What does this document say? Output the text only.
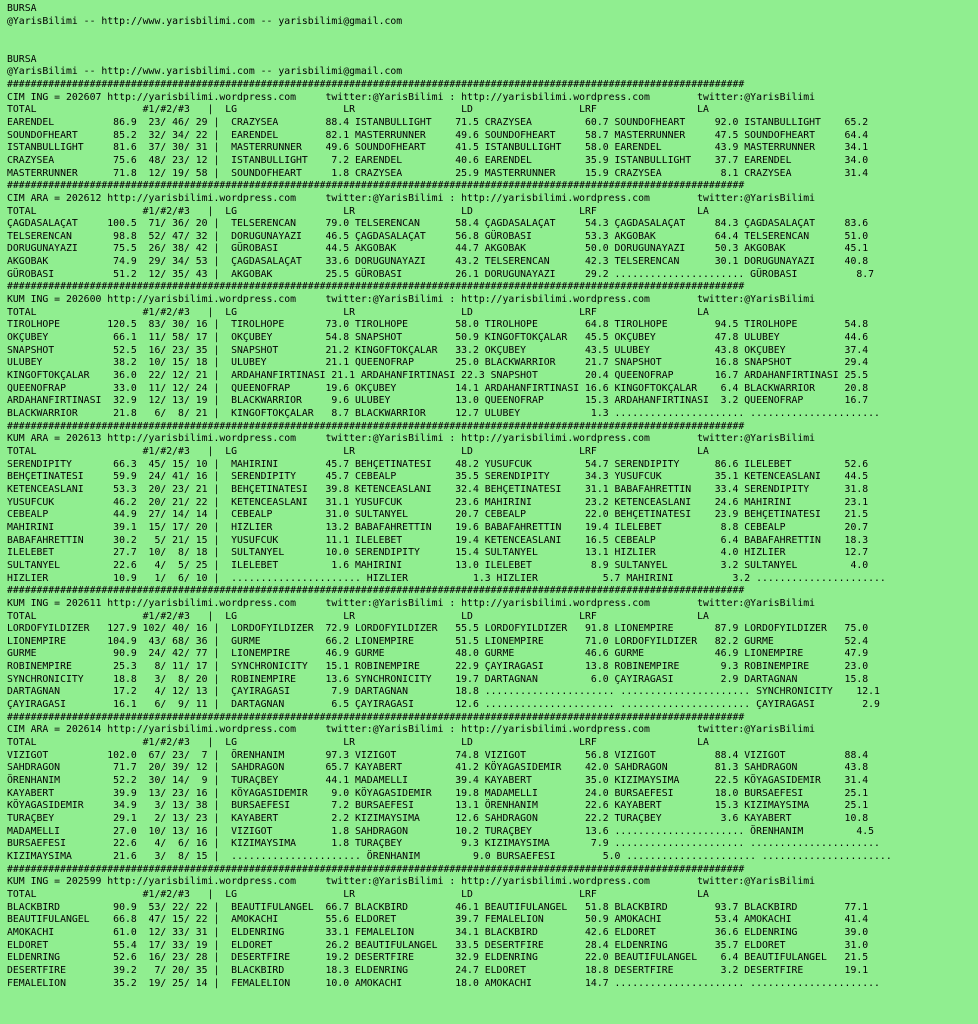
BURSA
@YarisBilimi -- http://www.yarisbilimi.com -- yarisbilimi@gmail.com

BURSA
@YarisBilimi -- http://www.yarisbilimi.com -- yarisbilimi@gmail.com

#############################################################################################################################
CIM ING = 202607 http://yarisbilimi.wordpress.com     twitter:@YarisBilimi : http://yarisbilimi.wordpress.com        twitter:@YarisBilimi
TOTAL                  #1/#2/#3   |  LG                  LR                  LD                  LRF                 LA
EARENDEL          86.9  23/ 46/ 29 |  CRAZYSEA        88.4 ISTANBULLIGHT    71.5 CRAZYSEA         60.7 SOUNDOFHEART     92.0 ISTANBULLIGHT    65.2
SOUNDOFHEART      85.2  32/ 34/ 22 |  EARENDEL        82.1 MASTERRUNNER     49.6 SOUNDOFHEART     58.7 MASTERRUNNER     47.5 SOUNDOFHEART     64.4
ISTANBULLIGHT     81.6  37/ 30/ 31 |  MASTERRUNNER    49.6 SOUNDOFHEART     41.5 ISTANBULLIGHT    58.0 EARENDEL         43.9 MASTERRUNNER     34.1
CRAZYSEA          75.6  48/ 23/ 12 |  ISTANBULLIGHT    7.2 EARENDEL         40.6 EARENDEL         35.9 ISTANBULLIGHT    37.7 EARENDEL         34.0
MASTERRUNNER      71.8  12/ 19/ 58 |  SOUNDOFHEART     1.8 CRAZYSEA         25.9 MASTERRUNNER     15.9 CRAZYSEA          8.1 CRAZYSEA         31.4
#############################################################################################################################
CIM ARA = 202612 http://yarisbilimi.wordpress.com     twitter:@YarisBilimi : http://yarisbilimi.wordpress.com        twitter:@YarisBilimi
TOTAL                  #1/#2/#3   |  LG                  LR                  LD                  LRF                 LA
ÇAGDASALAÇAT     100.5  71/ 36/ 20 |  TELSERENCAN     79.0 TELSERENCAN      58.4 ÇAGDASALAÇAT     54.3 ÇAGDASALAÇAT     84.3 ÇAGDASALAÇAT     83.6
TELSERENCAN       98.8  52/ 47/ 32 |  DORUGUNAYAZI    46.5 ÇAGDASALAÇAT     56.8 GÜROBASI         53.3 AKGOBAK          64.4 TELSERENCAN      51.0
DORUGUNAYAZI      75.5  26/ 38/ 42 |  GÜROBASI        44.5 AKGOBAK          44.7 AKGOBAK          50.0 DORUGUNAYAZI     50.3 AKGOBAK          45.1
AKGOBAK           74.9  29/ 34/ 53 |  ÇAGDASALAÇAT    33.6 DORUGUNAYAZI     43.2 TELSERENCAN      42.3 TELSERENCAN      30.1 DORUGUNAYAZI     40.8
GÜROBASI          51.2  12/ 35/ 43 |  AKGOBAK         25.5 GÜROBASI         26.1 DORUGUNAYAZI     29.2 ...................... GÜROBASI          8.7
#############################################################################################################################
KUM ING = 202600 http://yarisbilimi.wordpress.com     twitter:@YarisBilimi : http://yarisbilimi.wordpress.com        twitter:@YarisBilimi
TOTAL                  #1/#2/#3   |  LG                  LR                  LD                  LRF                 LA
TIROLHOPE        120.5  83/ 30/ 16 |  TIROLHOPE       73.0 TIROLHOPE        58.0 TIROLHOPE        64.8 TIROLHOPE        94.5 TIROLHOPE        54.8
OKÇUBEY           66.1  11/ 58/ 17 |  OKÇUBEY         54.8 SNAPSHOT         50.9 KINGOFTOKÇALAR   45.5 OKÇUBEY          47.8 ULUBEY           44.6
SNAPSHOT          52.5  16/ 23/ 35 |  SNAPSHOT        21.2 KINGOFTOKÇALAR   33.2 OKÇUBEY          43.5 ULUBEY           43.8 OKÇUBEY          37.4
ULUBEY            38.2  10/ 15/ 18 |  ULUBEY          21.1 QUEENOFRAP       25.0 BLACKWARRIOR     21.7 SNAPSHOT         16.8 SNAPSHOT         29.4
KINGOFTOKÇALAR    36.0  22/ 12/ 21 |  ARDAHANFIRTINASI 21.1 ARDAHANFIRTINASI 22.3 SNAPSHOT        20.4 QUEENOFRAP       16.7 ARDAHANFIRTINASI 25.5
QUEENOFRAP        33.0  11/ 12/ 24 |  QUEENOFRAP      19.6 OKÇUBEY          14.1 ARDAHANFIRTINASI 16.6 KINGOFTOKÇALAR    6.4 BLACKWARRIOR     20.8
ARDAHANFIRTINASI  32.9  12/ 13/ 19 |  BLACKWARRIOR     9.6 ULUBEY           13.0 QUEENOFRAP       15.3 ARDAHANFIRTINASI  3.2 QUEENOFRAP       16.7
BLACKWARRIOR      21.8   6/  8/ 21 |  KINGOFTOKÇALAR   8.7 BLACKWARRIOR     12.7 ULUBEY            1.3 ...................... ......................
#############################################################################################################################
KUM ARA = 202613 http://yarisbilimi.wordpress.com     twitter:@YarisBilimi : http://yarisbilimi.wordpress.com        twitter:@YarisBilimi
TOTAL                  #1/#2/#3   |  LG                  LR                  LD                  LRF                 LA
SERENDIPITY       66.3  45/ 15/ 10 |  MAHIRINI        45.7 BEHÇETINATESI    48.2 YUSUFCUK         54.7 SERENDIPITY      86.6 ILELEBET         52.6
BEHÇETINATESI     59.9  24/ 41/ 16 |  SERENDIPITY     45.7 CEBEALP          35.5 SERENDIPITY      34.3 YUSUFCUK         35.1 KETENCEASLANI    44.5
KETENCEASLANI     53.3  20/ 23/ 21 |  BEHÇETINATESI   39.8 KETENCEASLANI    32.4 BEHÇETINATESI    31.1 BABAFAHRETTIN    33.4 SERENDIPITY      31.8
YUSUFCUK          46.2  20/ 21/ 22 |  KETENCEASLANI   31.1 YUSUFCUK         23.6 MAHIRINI         23.2 KETENCEASLANI    24.6 MAHIRINI         23.1
CEBEALP           44.9  27/ 14/ 14 |  CEBEALP         31.0 SULTANYEL        20.7 CEBEALP          22.0 BEHÇETINATESI    23.9 BEHÇETINATESI    21.5
MAHIRINI          39.1  15/ 17/ 20 |  HIZLIER         13.2 BABAFAHRETTIN    19.6 BABAFAHRETTIN    19.4 ILELEBET          8.8 CEBEALP          20.7
BABAFAHRETTIN     30.2   5/ 21/ 15 |  YUSUFCUK        11.1 ILELEBET         19.4 KETENCEASLANI    16.5 CEBEALP           6.4 BABAFAHRETTIN    18.3
ILELEBET          27.7  10/  8/ 18 |  SULTANYEL       10.0 SERENDIPITY      15.4 SULTANYEL        13.1 HIZLIER           4.0 HIZLIER          12.7
SULTANYEL         22.6   4/  5/ 25 |  ILELEBET         1.6 MAHIRINI         13.0 ILELEBET          8.9 SULTANYEL         3.2 SULTANYEL         4.0
HIZLIER           10.9   1/  6/ 10 |  ...................... HIZLIER           1.3 HIZLIER           5.7 MAHIRINI          3.2 ......................
#############################################################################################################################
KUM ING = 202611 http://yarisbilimi.wordpress.com     twitter:@YarisBilimi : http://yarisbilimi.wordpress.com        twitter:@YarisBilimi
TOTAL                  #1/#2/#3   |  LG                  LR                  LD                  LRF                 LA
LORDOFYILDIZER   127.9 102/ 40/ 16 |  LORDOFYILDIZER  72.9 LORDOFYILDIZER   55.5 LORDOFYILDIZER   91.8 LIONEMPIRE       87.9 LORDOFYILDIZER   75.0
LIONEMPIRE       104.9  43/ 68/ 36 |  GURME           66.2 LIONEMPIRE       51.5 LIONEMPIRE       71.0 LORDOFYILDIZER   82.2 GURME            52.4
GURME             90.9  24/ 42/ 77 |  LIONEMPIRE      46.9 GURME            48.0 GURME            46.6 GURME            46.9 LIONEMPIRE       47.9
ROBINEMPIRE       25.3   8/ 11/ 17 |  SYNCHRONICITY   15.1 ROBINEMPIRE      22.9 ÇAYIRAGASI       13.8 ROBINEMPIRE       9.3 ROBINEMPIRE      23.0
SYNCHRONICITY     18.8   3/  8/ 20 |  ROBINEMPIRE     13.6 SYNCHRONICITY    19.7 DARTAGNAN         6.0 ÇAYIRAGASI        2.9 DARTAGNAN        15.8
DARTAGNAN         17.2   4/ 12/ 13 |  ÇAYIRAGASI       7.9 DARTAGNAN        18.8 ...................... ...................... SYNCHRONICITY    12.1
ÇAYIRAGASI        16.1   6/  9/ 11 |  DARTAGNAN        6.5 ÇAYIRAGASI       12.6 ...................... ...................... ÇAYIRAGASI        2.9
#############################################################################################################################
CIM ARA = 202614 http://yarisbilimi.wordpress.com     twitter:@YarisBilimi : http://yarisbilimi.wordpress.com        twitter:@YarisBilimi
TOTAL                  #1/#2/#3   |  LG                  LR                  LD                  LRF                 LA
VIZIGOT          102.0  67/ 23/  7 |  ÖRENHANIM       97.3 VIZIGOT          74.8 VIZIGOT          56.8 VIZIGOT          88.4 VIZIGOT          88.4
SAHDRAGON         71.7  20/ 39/ 12 |  SAHDRAGON       65.7 KAYABERT         41.2 KÖYAGASIDEMIR    42.0 SAHDRAGON        81.3 SAHDRAGON        43.8
ÖRENHANIM         52.2  30/ 14/  9 |  TURAÇBEY        44.1 MADAMELLI        39.4 KAYABERT         35.0 KIZIMAYSIMA      22.5 KÖYAGASIDEMIR    31.4
KAYABERT          39.9  13/ 23/ 16 |  KÖYAGASIDEMIR    9.0 KÖYAGASIDEMIR    19.8 MADAMELLI        24.0 BURSAEFESI       18.0 BURSAEFESI       25.1
KÖYAGASIDEMIR     34.9   3/ 13/ 38 |  BURSAEFESI       7.2 BURSAEFESI       13.1 ÖRENHANIM        22.6 KAYABERT         15.3 KIZIMAYSIMA      25.1
TURAÇBEY          29.1   2/ 13/ 23 |  KAYABERT         2.2 KIZIMAYSIMA      12.6 SAHDRAGON        22.2 TURAÇBEY          3.6 KAYABERT         10.8
MADAMELLI         27.0  10/ 13/ 16 |  VIZIGOT          1.8 SAHDRAGON        10.2 TURAÇBEY         13.6 ...................... ÖRENHANIM         4.5
BURSAEFESI        22.6   4/  6/ 16 |  KIZIMAYSIMA      1.8 TURAÇBEY          9.3 KIZIMAYSIMA       7.9 ...................... ......................
KIZIMAYSIMA       21.6   3/  8/ 15 |  ...................... ÖRENHANIM         9.0 BURSAEFESI        5.0 ...................... ......................
#############################################################################################################################
KUM ING = 202599 http://yarisbilimi.wordpress.com     twitter:@YarisBilimi : http://yarisbilimi.wordpress.com        twitter:@YarisBilimi
TOTAL                  #1/#2/#3   |  LG                  LR                  LD                  LRF                 LA
BLACKBIRD         90.9  53/ 22/ 22 |  BEAUTIFULANGEL  66.7 BLACKBIRD        46.1 BEAUTIFULANGEL   51.8 BLACKBIRD        93.7 BLACKBIRD        77.1
BEAUTIFULANGEL    66.8  47/ 15/ 22 |  AMOKACHI        55.6 ELDORET          39.7 FEMALELION       50.9 AMOKACHI         53.4 AMOKACHI         41.4
AMOKACHI          61.0  12/ 33/ 31 |  ELDENRING       33.1 FEMALELION       34.1 BLACKBIRD        42.6 ELDORET          36.6 ELDENRING        39.0
ELDORET           55.4  17/ 33/ 19 |  ELDORET         26.2 BEAUTIFULANGEL   33.5 DESERTFIRE       28.4 ELDENRING        35.7 ELDORET          31.0
ELDENRING         52.6  16/ 23/ 28 |  DESERTFIRE      19.2 DESERTFIRE       32.9 ELDENRING        22.0 BEAUTIFULANGEL    6.4 BEAUTIFULANGEL   21.5
DESERTFIRE        39.2   7/ 20/ 35 |  BLACKBIRD       18.3 ELDENRING        24.7 ELDORET          18.8 DESERTFIRE        3.2 DESERTFIRE       19.1
FEMALELION        35.2  19/ 25/ 14 |  FEMALELION      10.0 AMOKACHI         18.0 AMOKACHI         14.7 ...................... ......................
